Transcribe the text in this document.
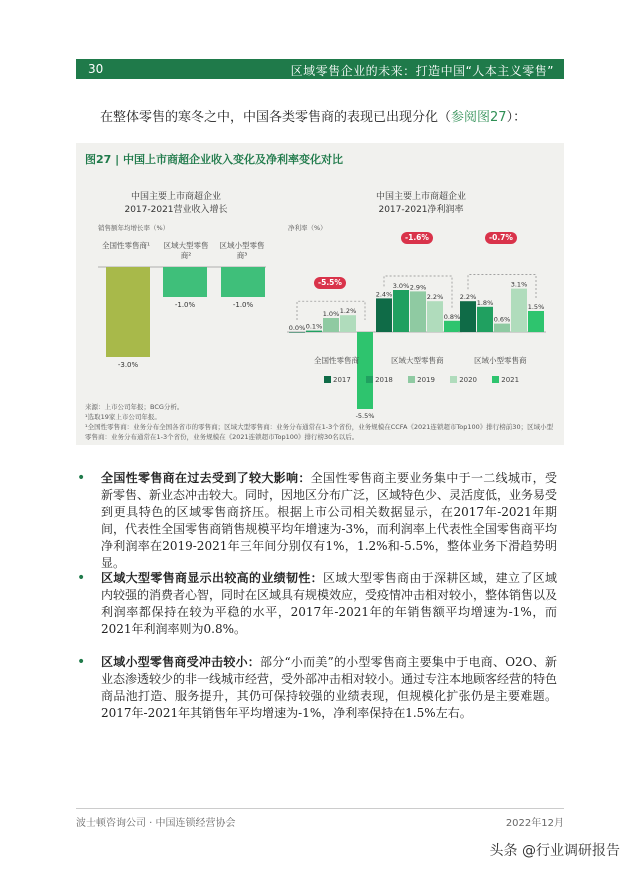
30	区域零售企业的未来：打造中国“人本主义零售”
在整体零售的寒冬之中，中国各类零售商的表现已出现分化（参阅图27）：
图27 | 中国上市商超企业收入变化及净利率变化对比
中国主要上市商超企业
2017-2021营业收入增长
销售额年均增长率（%）
全国性零售商¹	区域大型零售商²
区域小型零售商³
-3.0%
-1.0%	-1.0%
0.0% 0.1%
1.0% 1.2%
-5.5%
2.4%
3.0% 2.9%
2.2%
0.8%
2.2%
1.8%
0.6%
3.1%
1.5%
中国主要上市商超企业
2017-2021净利润率
净利率（%）
-5.5%
-1.6%	-0.7%
全国性零售商	区域大型零售商	区域小型零售商
2017	2018	2019	2020	2021
来源：上市公司年报；BCG分析。
¹选取19家上市公司年报。
¹全国性零售商：业务分布全国各省市的零售商；区域大型零售商：业务分布通常在1-3个省份，业务规模在CCFA《2021连锁超市Top100》排行榜前30；区域小型零售商：业务分布通常在1-3个省份，业务规模在《2021连锁超市Top100》排行榜30名以后。
• 全国性零售商在过去受到了较大影响：全国性零售商主要业务集中于一二线城市，受新零售、新业态冲击较大。同时，因地区分布广泛，区域特色少、灵活度低，业务易受到更具特色的区域零售商挤压。根据上市公司相关数据显示，在2017年-2021年期间，代表性全国零售商销售规模平均年增速为-3%，而利润率上代表性全国零售商平均净利润率在2019-2021年三年间分别仅有1%，1.2%和-5.5%，整体业务下滑趋势明显。
• 区域大型零售商显示出较高的业绩韧性：区域大型零售商由于深耕区域，建立了区域内较强的消费者心智，同时在区域具有规模效应，受疫情冲击相对较小，整体销售以及利润率都保持在较为平稳的水平，2017年-2021年的年销售额平均增速为-1%，而2021年利润率则为0.8%。
• 区域小型零售商受冲击较小：部分“小而美”的小型零售商主要集中于电商、O2O、新业态渗透较少的非一线城市经营，受外部冲击相对较小。通过专注本地顾客经营的特色商品池打造、服务提升，其仍可保持较强的业绩表现，但规模化扩张仍是主要难题。2017年-2021年其销售年平均增速为-1%，净利率保持在1.5%左右。
波士顿咨询公司 · 中国连锁经营协会	2022年12月
头条 @行业调研报告
